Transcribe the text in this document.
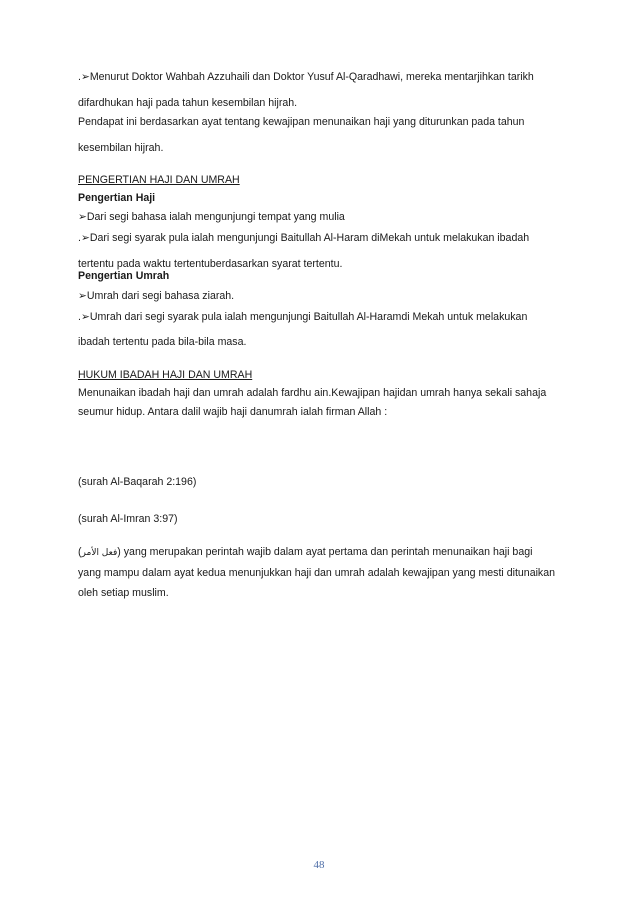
.➢Menurut Doktor Wahbah Azzuhaili dan Doktor Yusuf Al-Qaradhawi, mereka mentarjihkan tarikh
difardhukan haji pada tahun kesembilan hijrah.
Pendapat ini berdasarkan ayat tentang kewajipan menunaikan haji yang diturunkan pada tahun
kesembilan hijrah.
PENGERTIAN HAJI DAN UMRAH
Pengertian Haji
➢Dari segi bahasa ialah mengunjungi tempat yang mulia
.➢Dari segi syarak pula ialah mengunjungi Baitullah Al-Haram diMekah untuk melakukan ibadah
tertentu pada waktu tertentuberdasarkan syarat tertentu.
Pengertian Umrah
➢Umrah dari segi bahasa ziarah.
.➢Umrah dari segi syarak pula ialah mengunjungi Baitullah Al-Haramdi Mekah untuk melakukan
ibadah tertentu pada bila-bila masa.
HUKUM IBADAH HAJI DAN UMRAH
Menunaikan ibadah haji dan umrah adalah fardhu ain.Kewajipan hajidan umrah hanya sekali sahaja
seumur hidup. Antara dalil wajib haji danumrah ialah firman Allah :
(surah Al-Baqarah 2:196)
(surah Al-Imran 3:97)
(فعل الأمر) yang merupakan perintah wajib dalam ayat pertama dan perintah menunaikan haji bagi
yang mampu dalam ayat kedua menunjukkan haji dan umrah adalah kewajipan yang mesti ditunaikan
oleh setiap muslim.
48
